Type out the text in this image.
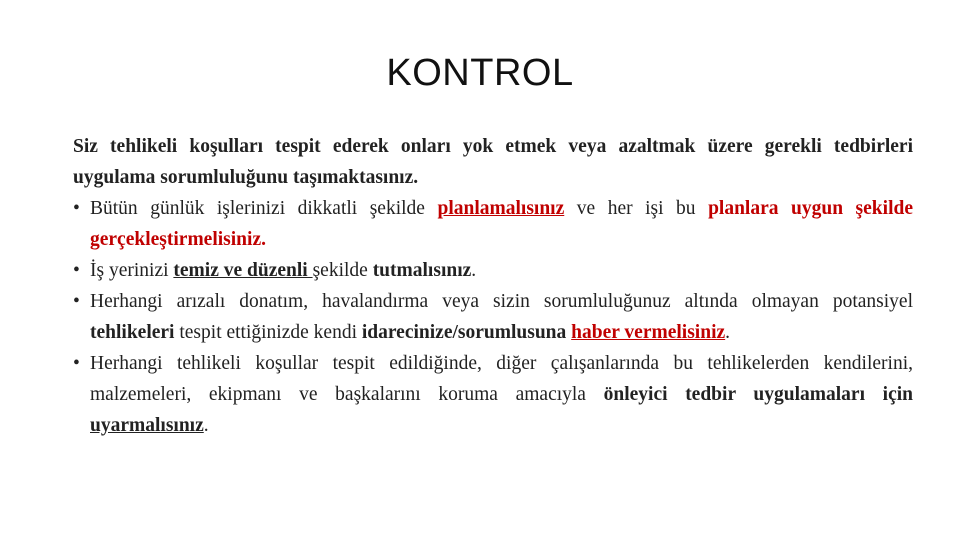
KONTROL

Siz tehlikeli koşulları tespit ederek onları yok etmek veya azaltmak üzere gerekli tedbirleri uygulama sorumluluğunu taşımaktasınız.

• Bütün günlük işlerinizi dikkatli şekilde planlamalısınız ve her işi bu planlara uygun şekilde gerçekleştirmelisiniz.
• İş yerinizi temiz ve düzenli şekilde tutmalısınız.
• Herhangi arızalı donatım, havalandırma veya sizin sorumluluğunuz altında olmayan potansiyel tehlikeleri tespit ettiğinizde kendi idarecinize/sorumlusuna haber vermelisiniz.
• Herhangi tehlikeli koşullar tespit edildiğinde, diğer çalışanlarında bu tehlikelerden kendilerini, malzemeleri, ekipmanı ve başkalarını koruma amacıyla önleyici tedbir uygulamaları için uyarmalısınız.
